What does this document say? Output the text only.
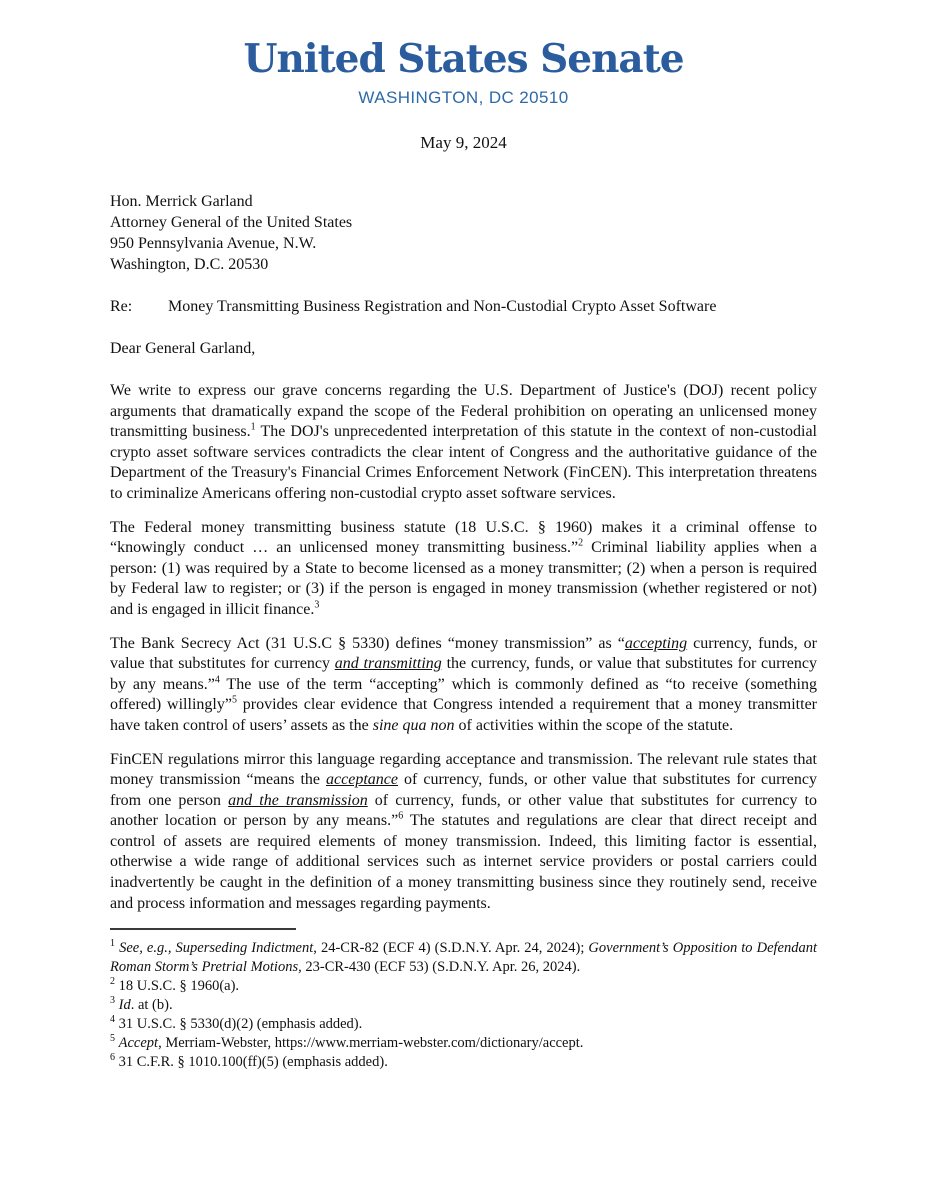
United States Senate
WASHINGTON, DC 20510
May 9, 2024
Hon. Merrick Garland
Attorney General of the United States
950 Pennsylvania Avenue, N.W.
Washington, D.C. 20530
Re: Money Transmitting Business Registration and Non-Custodial Crypto Asset Software
Dear General Garland,

We write to express our grave concerns regarding the U.S. Department of Justice's (DOJ) recent policy arguments that dramatically expand the scope of the Federal prohibition on operating an unlicensed money transmitting business.$^1$ The DOJ's unprecedented interpretation of this statute in the context of non-custodial crypto asset software services contradicts the clear intent of Congress and the authoritative guidance of the Department of the Treasury's Financial Crimes Enforcement Network (FinCEN). This interpretation threatens to criminalize Americans offering non-custodial crypto asset software services.

The Federal money transmitting business statute (18 U.S.C. § 1960) makes it a criminal offense to “knowingly conduct … an unlicensed money transmitting business.”$^2$ Criminal liability applies when a person: (1) was required by a State to become licensed as a money transmitter; (2) when a person is required by Federal law to register; or (3) if the person is engaged in money transmission (whether registered or not) and is engaged in illicit finance.$^3$

The Bank Secrecy Act (31 U.S.C § 5330) defines “money transmission” as “accepting currency, funds, or value that substitutes for currency and transmitting the currency, funds, or value that substitutes for currency by any means.”$^4$ The use of the term “accepting” which is commonly defined as “to receive (something offered) willingly”$^5$ provides clear evidence that Congress intended a requirement that a money transmitter have taken control of users’ assets as the sine qua non of activities within the scope of the statute.

FinCEN regulations mirror this language regarding acceptance and transmission. The relevant rule states that money transmission “means the acceptance of currency, funds, or other value that substitutes for currency from one person and the transmission of currency, funds, or other value that substitutes for currency to another location or person by any means.”$^6$ The statutes and regulations are clear that direct receipt and control of assets are required elements of money transmission. Indeed, this limiting factor is essential, otherwise a wide range of additional services such as internet service providers or postal carriers could inadvertently be caught in the definition of a money transmitting business since they routinely send, receive and process information and messages regarding payments.

$^1$ See, e.g., Superseding Indictment, 24-CR-82 (ECF 4) (S.D.N.Y. Apr. 24, 2024); Government’s Opposition to Defendant Roman Storm’s Pretrial Motions, 23-CR-430 (ECF 53) (S.D.N.Y. Apr. 26, 2024).
$^2$ 18 U.S.C. § 1960(a).
$^3$ Id. at (b).
$^4$ 31 U.S.C. § 5330(d)(2) (emphasis added).
$^5$ Accept, Merriam-Webster, https://www.merriam-webster.com/dictionary/accept.
$^6$ 31 C.F.R. § 1010.100(ff)(5) (emphasis added).
